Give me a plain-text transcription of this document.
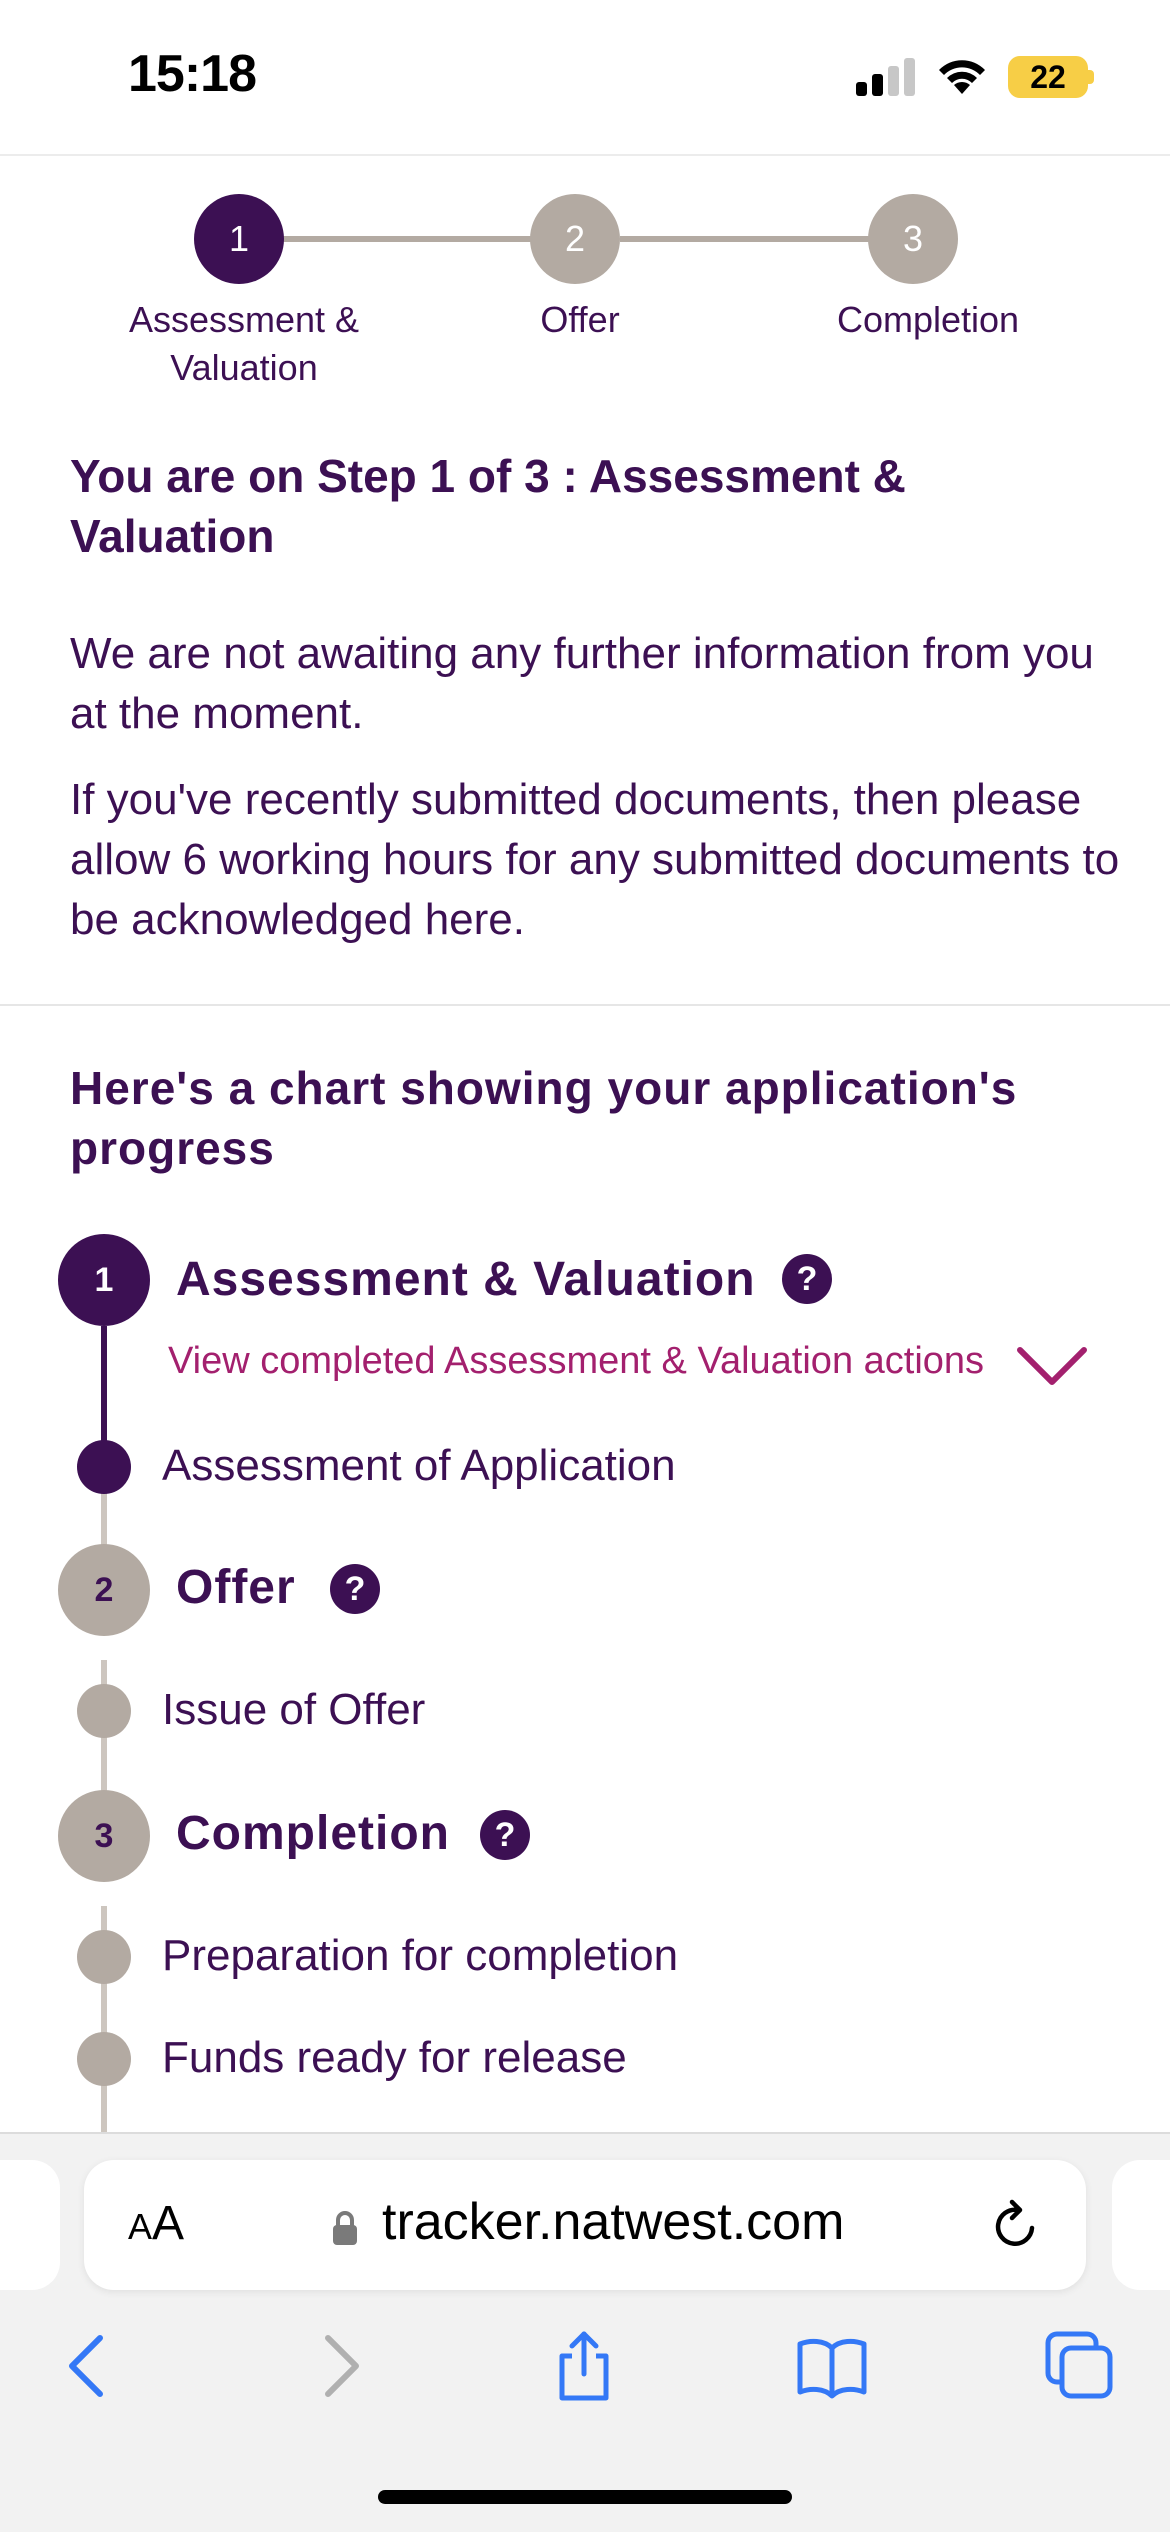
15:18	22
1	2	3
Assessment & Valuation
Offer	Completion
You are on Step 1 of 3 : Assessment & Valuation
We are not awaiting any further information from you at the moment.
If you've recently submitted documents, then please allow 6 working hours for any submitted documents to be acknowledged here.
Here's a chart showing your application's progress
1	Assessment & Valuation	?
View completed Assessment & Valuation actions
Assessment of Application
2	Offer	?
Issue of Offer
3	Completion	?
Preparation for completion
Funds ready for release
AA	tracker.natwest.com
